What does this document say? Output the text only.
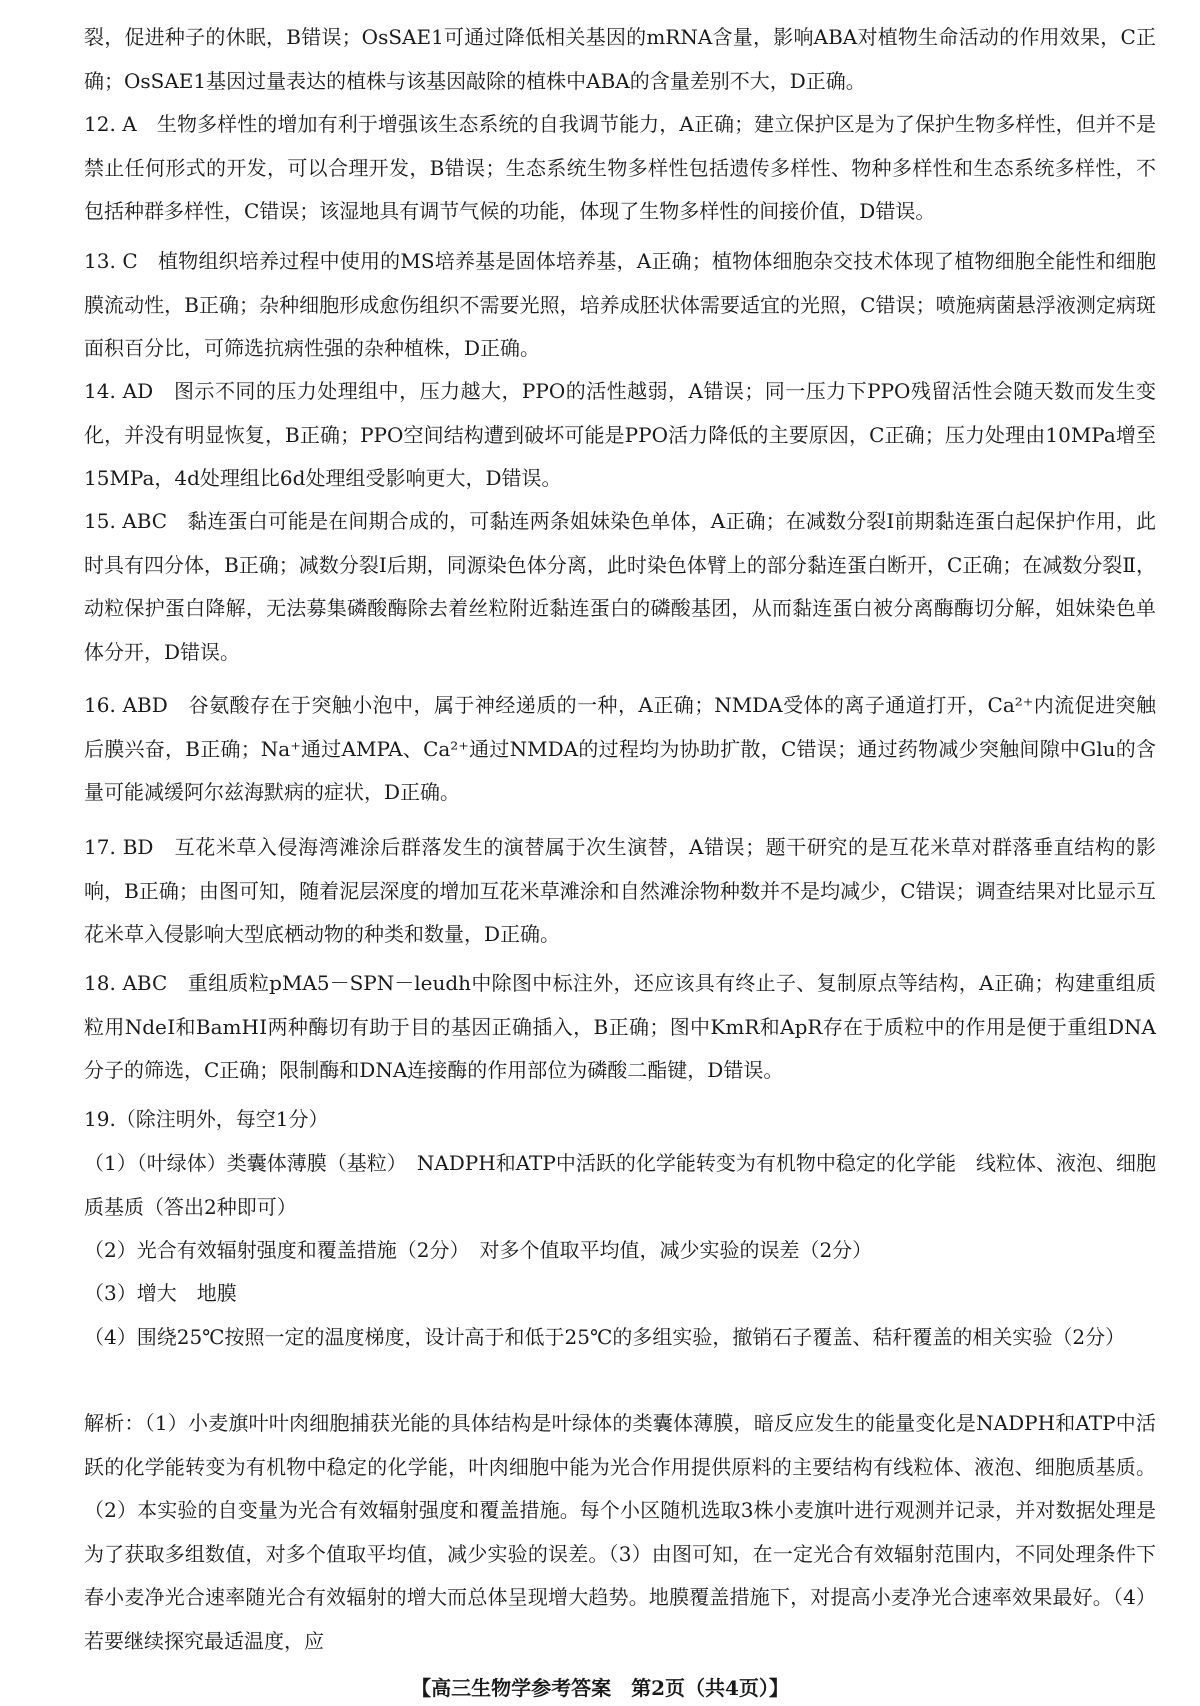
裂，促进种子的休眠，B错误；OsSAE1可通过降低相关基因的mRNA含量，影响ABA对植物生命活动的作用效果，C正确；OsSAE1基因过量表达的植株与该基因敲除的植株中ABA的含量差别不大，D正确。

12. A　生物多样性的增加有利于增强该生态系统的自我调节能力，A正确；建立保护区是为了保护生物多样性，但并不是禁止任何形式的开发，可以合理开发，B错误；生态系统生物多样性包括遗传多样性、物种多样性和生态系统多样性，不包括种群多样性，C错误；该湿地具有调节气候的功能，体现了生物多样性的间接价值，D错误。

13. C　植物组织培养过程中使用的MS培养基是固体培养基，A正确；植物体细胞杂交技术体现了植物细胞全能性和细胞膜流动性，B正确；杂种细胞形成愈伤组织不需要光照，培养成胚状体需要适宜的光照，C错误；喷施病菌悬浮液测定病斑面积百分比，可筛选抗病性强的杂种植株，D正确。

14. AD　图示不同的压力处理组中，压力越大，PPO的活性越弱，A错误；同一压力下PPO残留活性会随天数而发生变化，并没有明显恢复，B正确；PPO空间结构遭到破坏可能是PPO活力降低的主要原因，C正确；压力处理由10MPa增至15MPa，4d处理组比6d处理组受影响更大，D错误。

15. ABC　黏连蛋白可能是在间期合成的，可黏连两条姐妹染色单体，A正确；在减数分裂Ⅰ前期黏连蛋白起保护作用，此时具有四分体，B正确；减数分裂Ⅰ后期，同源染色体分离，此时染色体臂上的部分黏连蛋白断开，C正确；在减数分裂Ⅱ，动粒保护蛋白降解，无法募集磷酸酶除去着丝粒附近黏连蛋白的磷酸基团，从而黏连蛋白被分离酶酶切分解，姐妹染色单体分开，D错误。

16. ABD　谷氨酸存在于突触小泡中，属于神经递质的一种，A正确；NMDA受体的离子通道打开，Ca²⁺内流促进突触后膜兴奋，B正确；Na⁺通过AMPA、Ca²⁺通过NMDA的过程均为协助扩散，C错误；通过药物减少突触间隙中Glu的含量可能减缓阿尔兹海默病的症状，D正确。

17. BD　互花米草入侵海湾滩涂后群落发生的演替属于次生演替，A错误；题干研究的是互花米草对群落垂直结构的影响，B正确；由图可知，随着泥层深度的增加互花米草滩涂和自然滩涂物种数并不是均减少，C错误；调查结果对比显示互花米草入侵影响大型底栖动物的种类和数量，D正确。

18. ABC　重组质粒pMA5－SPN－leudh中除图中标注外，还应该具有终止子、复制原点等结构，A正确；构建重组质粒用NdeⅠ和BamHⅠ两种酶切有助于目的基因正确插入，B正确；图中KmR和ApR存在于质粒中的作用是便于重组DNA分子的筛选，C正确；限制酶和DNA连接酶的作用部位为磷酸二酯键，D错误。

19.（除注明外，每空1分）

（1）（叶绿体）类囊体薄膜（基粒）　NADPH和ATP中活跃的化学能转变为有机物中稳定的化学能　线粒体、液泡、细胞质基质（答出2种即可）

（2）光合有效辐射强度和覆盖措施（2分）　对多个值取平均值，减少实验的误差（2分）

（3）增大　地膜

（4）围绕25℃按照一定的温度梯度，设计高于和低于25℃的多组实验，撤销石子覆盖、秸秆覆盖的相关实验（2分）

解析：（1）小麦旗叶叶肉细胞捕获光能的具体结构是叶绿体的类囊体薄膜，暗反应发生的能量变化是NADPH和ATP中活跃的化学能转变为有机物中稳定的化学能，叶肉细胞中能为光合作用提供原料的主要结构有线粒体、液泡、细胞质基质。（2）本实验的自变量为光合有效辐射强度和覆盖措施。每个小区随机选取3株小麦旗叶进行观测并记录，并对数据处理是为了获取多组数值，对多个值取平均值，减少实验的误差。（3）由图可知，在一定光合有效辐射范围内，不同处理条件下春小麦净光合速率随光合有效辐射的增大而总体呈现增大趋势。地膜覆盖措施下，对提高小麦净光合速率效果最好。（4）若要继续探究最适温度，应

【高三生物学参考答案　第2页（共4页）】
